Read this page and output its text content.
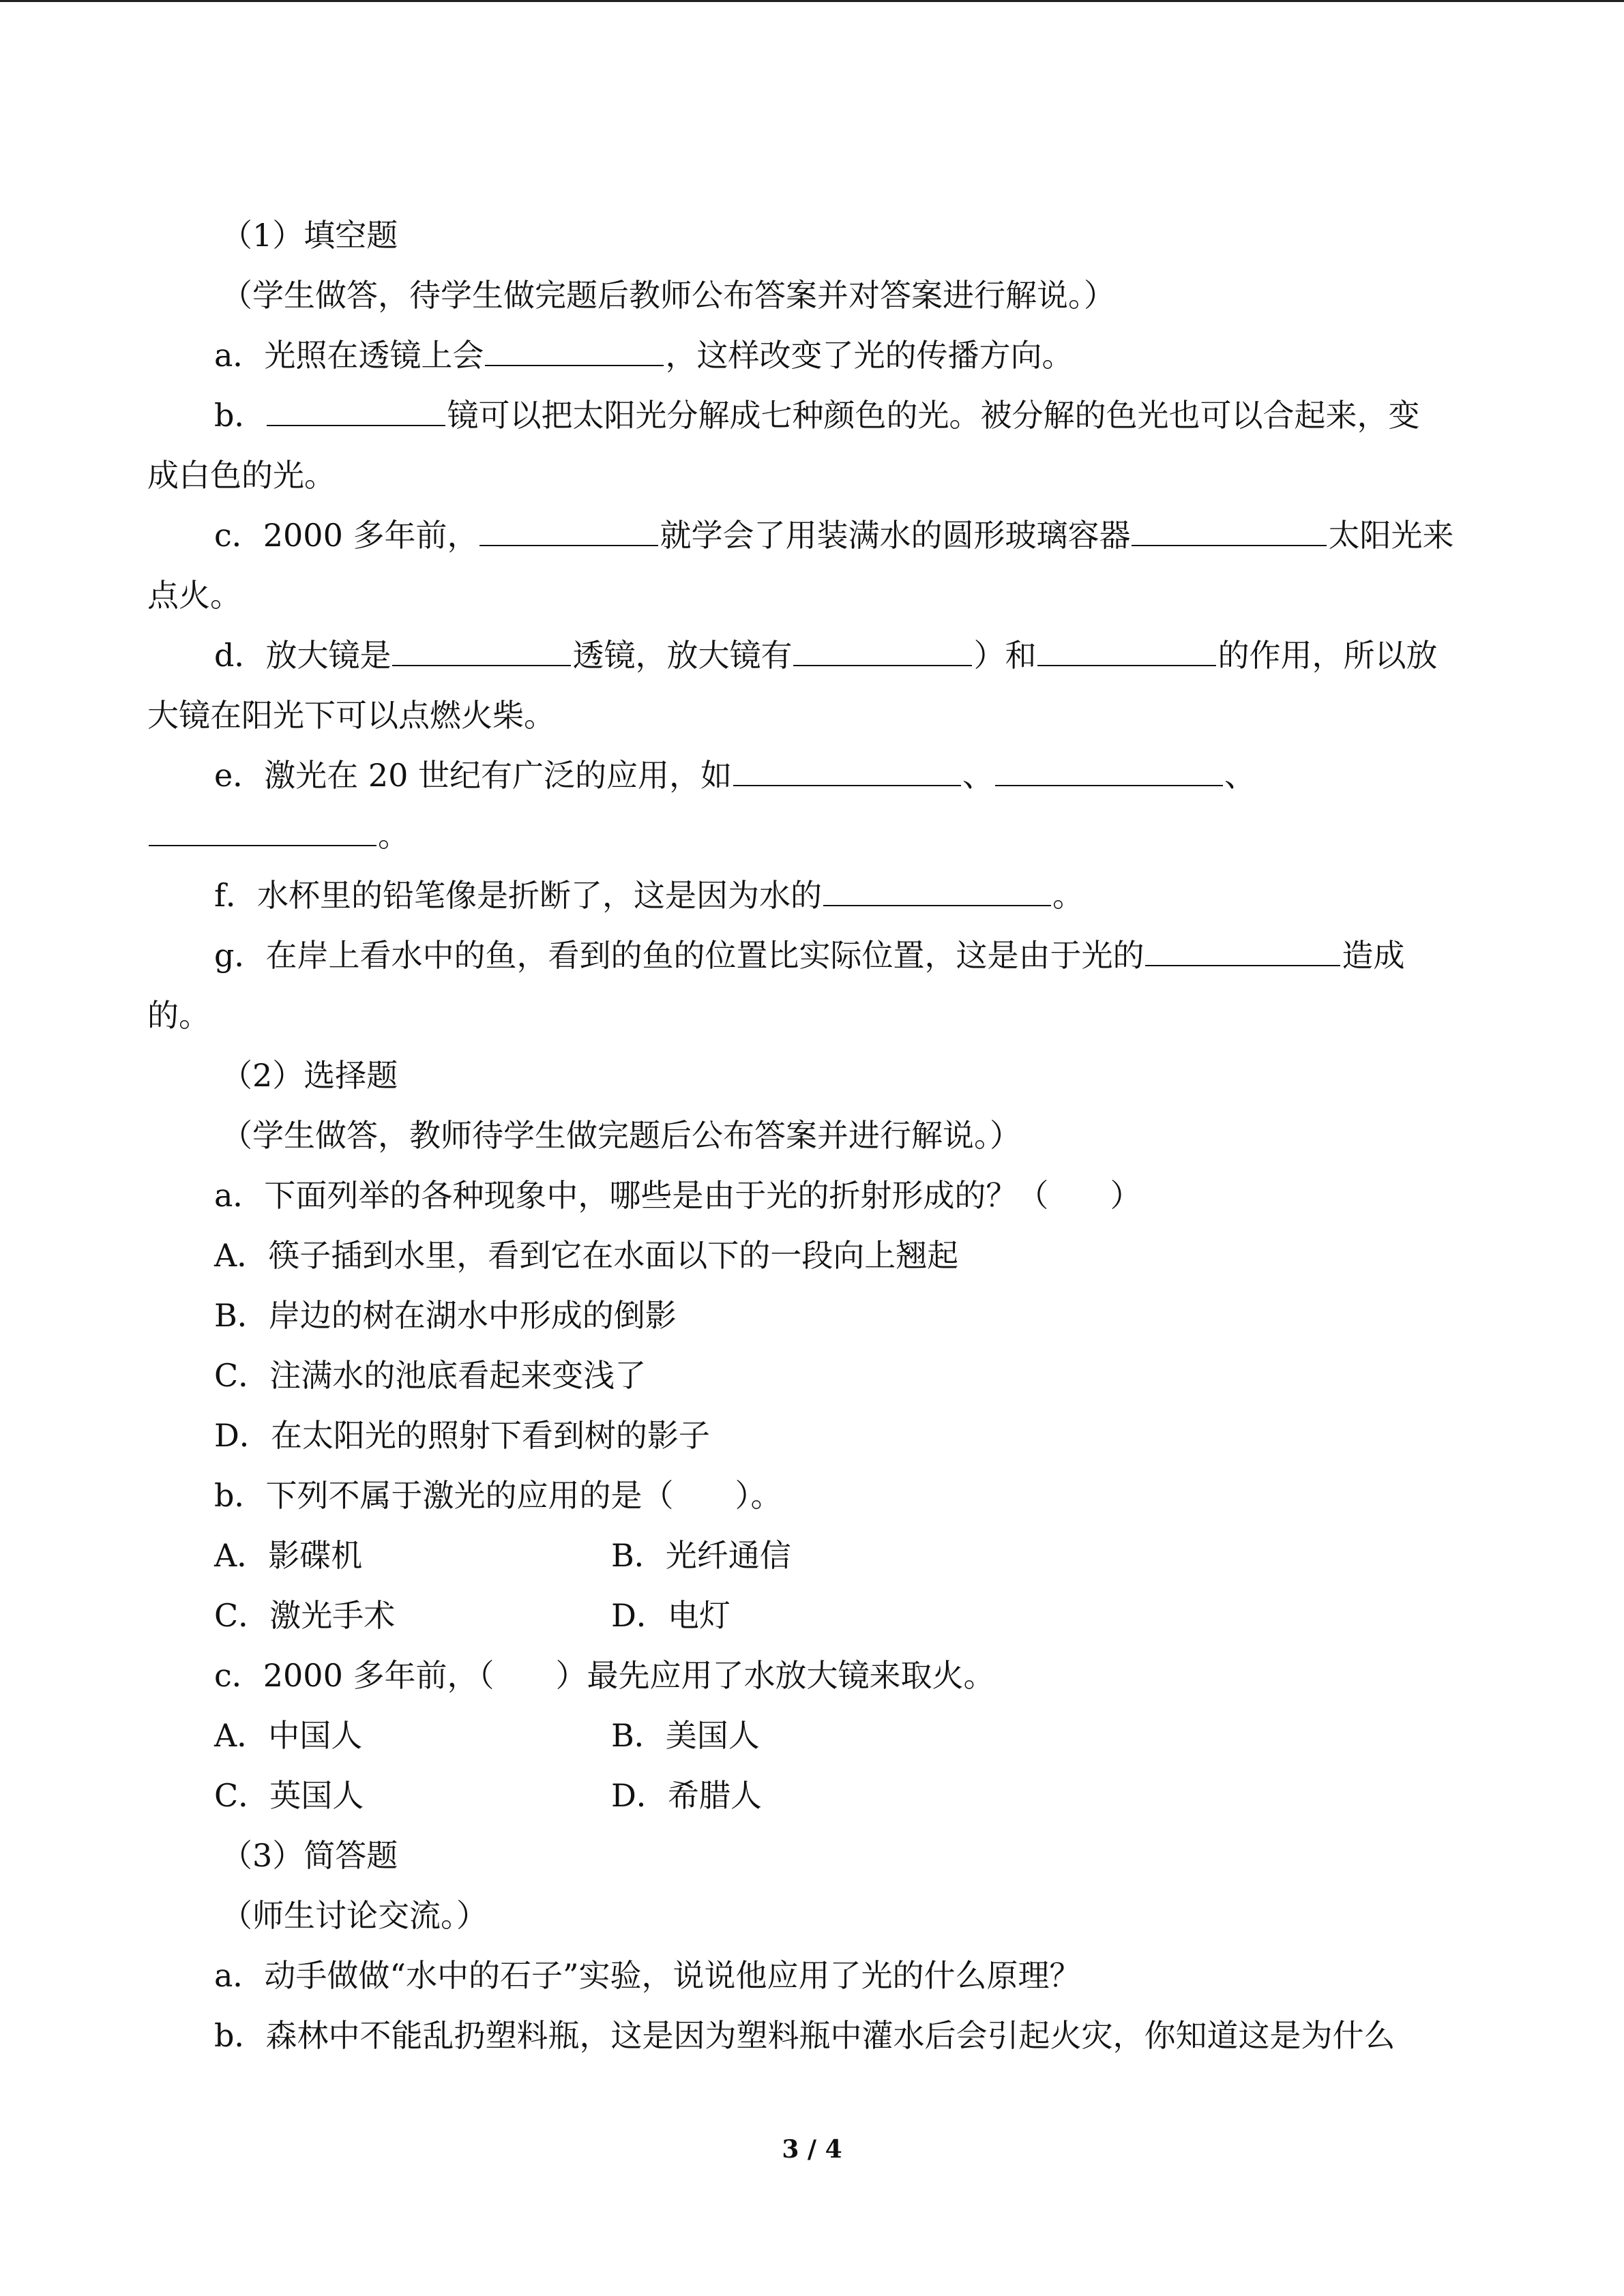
（1）填空题
（学生做答，待学生做完题后教师公布答案并对答案进行解说。）
a．光照在透镜上会	，这样改变了光的传播方向。
b．	镜可以把太阳光分解成七种颜色的光。被分解的色光也可以合起来，变
成白色的光。
c．2000 多年前，	就学会了用装满水的圆形玻璃容器	太阳光来
点火。
d．放大镜是	透镜，放大镜有	）和	的作用，所以放
大镜在阳光下可以点燃火柴。
e．激光在 20 世纪有广泛的应用，如	、	、
。
f．水杯里的铅笔像是折断了，这是因为水的	。
g．在岸上看水中的鱼，看到的鱼的位置比实际位置，这是由于光的	造成
的。
（2）选择题
（学生做答，教师待学生做完题后公布答案并进行解说。）
a．下面列举的各种现象中，哪些是由于光的折射形成的？（ ）
A．筷子插到水里，看到它在水面以下的一段向上翘起
B．岸边的树在湖水中形成的倒影
C．注满水的池底看起来变浅了
D．在太阳光的照射下看到树的影子
b．下列不属于激光的应用的是（ ）。
A．影碟机	B．光纤通信
C．激光手术	D．电灯
c．2000 多年前，（ ）最先应用了水放大镜来取火。
A．中国人	B．美国人
C．英国人	D．希腊人
（3）简答题
（师生讨论交流。）
a．动手做做“水中的石子”实验，说说他应用了光的什么原理？
b．森林中不能乱扔塑料瓶，这是因为塑料瓶中灌水后会引起火灾，你知道这是为什么
3 / 4
